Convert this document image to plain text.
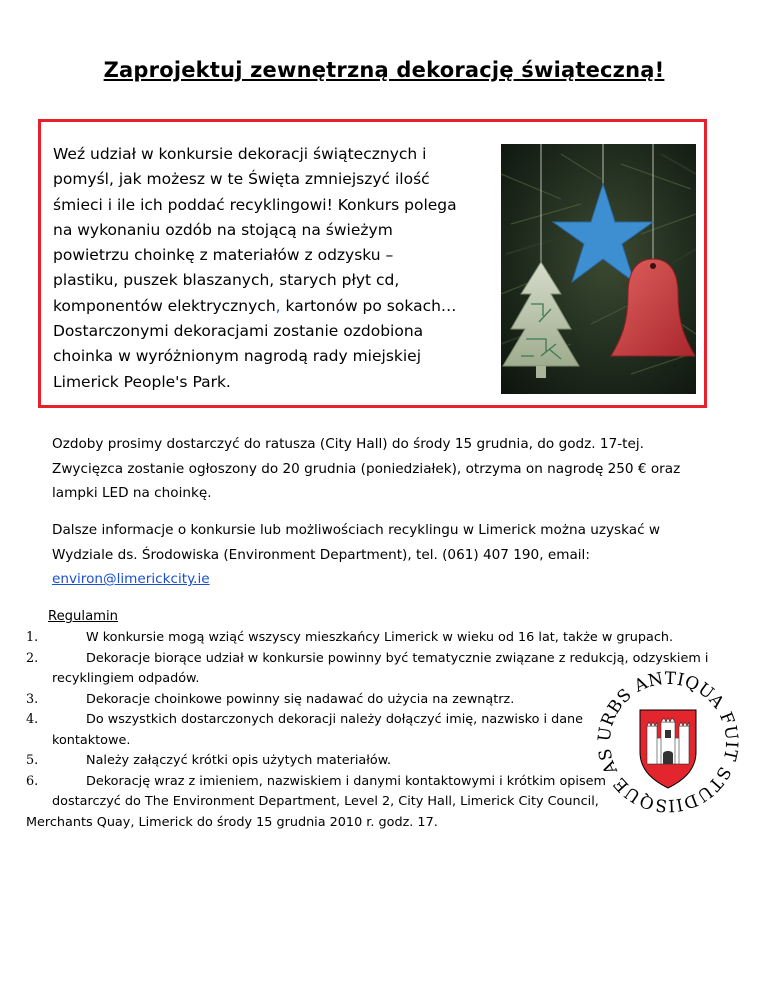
Zaprojektuj zewnętrzną dekorację świąteczną!
Weź udział w konkursie dekoracji świątecznych i
pomyśl, jak możesz w te Święta zmniejszyć ilość
śmieci i ile ich poddać recyklingowi! Konkurs polega
na wykonaniu ozdób na stojącą na świeżym
powietrzu choinkę z materiałów z odzysku –
plastiku, puszek blaszanych, starych płyt cd,
komponentów elektrycznych, kartonów po sokach…
Dostarczonymi dekoracjami zostanie ozdobiona
choinka w wyróżnionym nagrodą rady miejskiej
Limerick People's Park.
Ozdoby prosimy dostarczyć do ratusza (City Hall) do środy 15 grudnia, do godz. 17-tej.
Zwycięzca zostanie ogłoszony do 20 grudnia (poniedziałek), otrzyma on nagrodę 250 € oraz
lampki LED na choinkę.
Dalsze informacje o konkursie lub możliwościach recyklingu w Limerick można uzyskać w
Wydziale ds. Środowiska (Environment Department), tel. (061) 407 190, email:
environ@limerickcity.ie
Regulamin
1.	W konkursie mogą wziąć wszyscy mieszkańcy Limerick w wieku od 16 lat, także w grupach.
2.	Dekoracje biorące udział w konkursie powinny być tematycznie związane z redukcją, odzyskiem i
recyklingiem odpadów.
3.	Dekoracje choinkowe powinny się nadawać do użycia na zewnątrz.
4.	Do wszystkich dostarczonych dekoracji należy dołączyć imię, nazwisko i dane
kontaktowe.
5.	Należy załączyć krótki opis użytych materiałów.
6.	Dekorację wraz z imieniem, nazwiskiem i danymi kontaktowymi i krótkim opisem
dostarczyć do The Environment Department, Level 2, City Hall, Limerick City Council,
Merchants Quay, Limerick do środy 15 grudnia 2010 r. godz. 17.
URBS ANTIQUA FUIT STUDIISQUE AS
